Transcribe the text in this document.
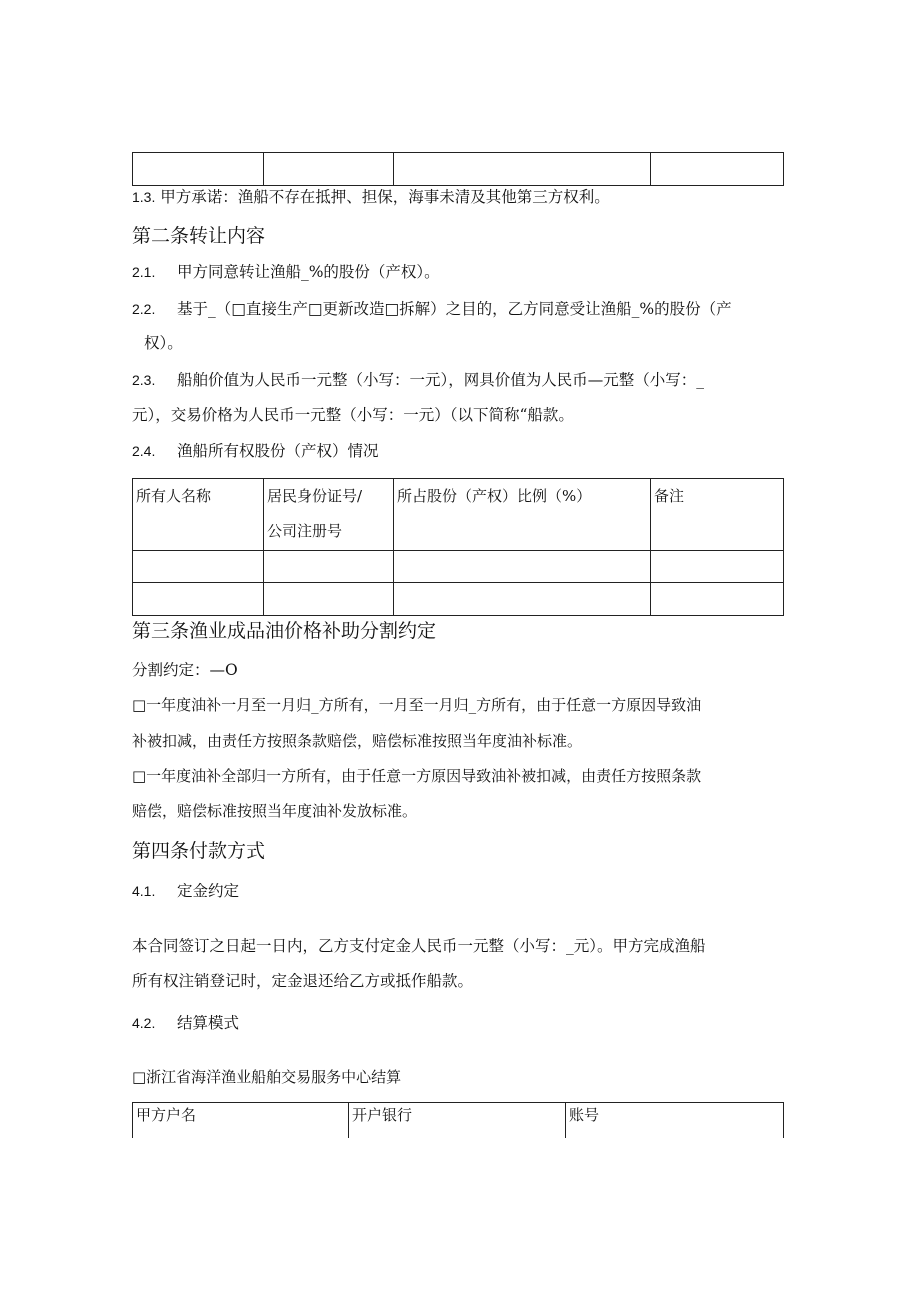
1.3. 甲方承诺：渔船不存在抵押、担保，海事未清及其他第三方权利。
第二条转让内容
2.1. 甲方同意转让渔船_%的股份（产权）。
2.2. 基于_（□直接生产□更新改造□拆解）之目的，乙方同意受让渔船_%的股份（产
权）。
2.3. 船舶价值为人民币一元整（小写：一元），网具价值为人民币—元整（小写：_
元），交易价格为人民币一元整（小写：一元）（以下简称“船款。
2.4. 渔船所有权股份（产权）情况
所有人名称	居民身份证号/
公司注册号	所占股份（产权）比例（%）	备注

第三条渔业成品油价格补助分割约定
分割约定：—O
□一年度油补一月至一月归_方所有，一月至一月归_方所有，由于任意一方原因导致油
补被扣减，由责任方按照条款赔偿，赔偿标准按照当年度油补标准。
□一年度油补全部归一方所有，由于任意一方原因导致油补被扣减，由责任方按照条款
赔偿，赔偿标准按照当年度油补发放标准。
第四条付款方式
4.1. 定金约定
本合同签订之日起一日内，乙方支付定金人民币一元整（小写：_元）。甲方完成渔船
所有权注销登记时，定金退还给乙方或抵作船款。
4.2. 结算模式
□浙江省海洋渔业船舶交易服务中心结算
甲方户名	开户银行	账号
